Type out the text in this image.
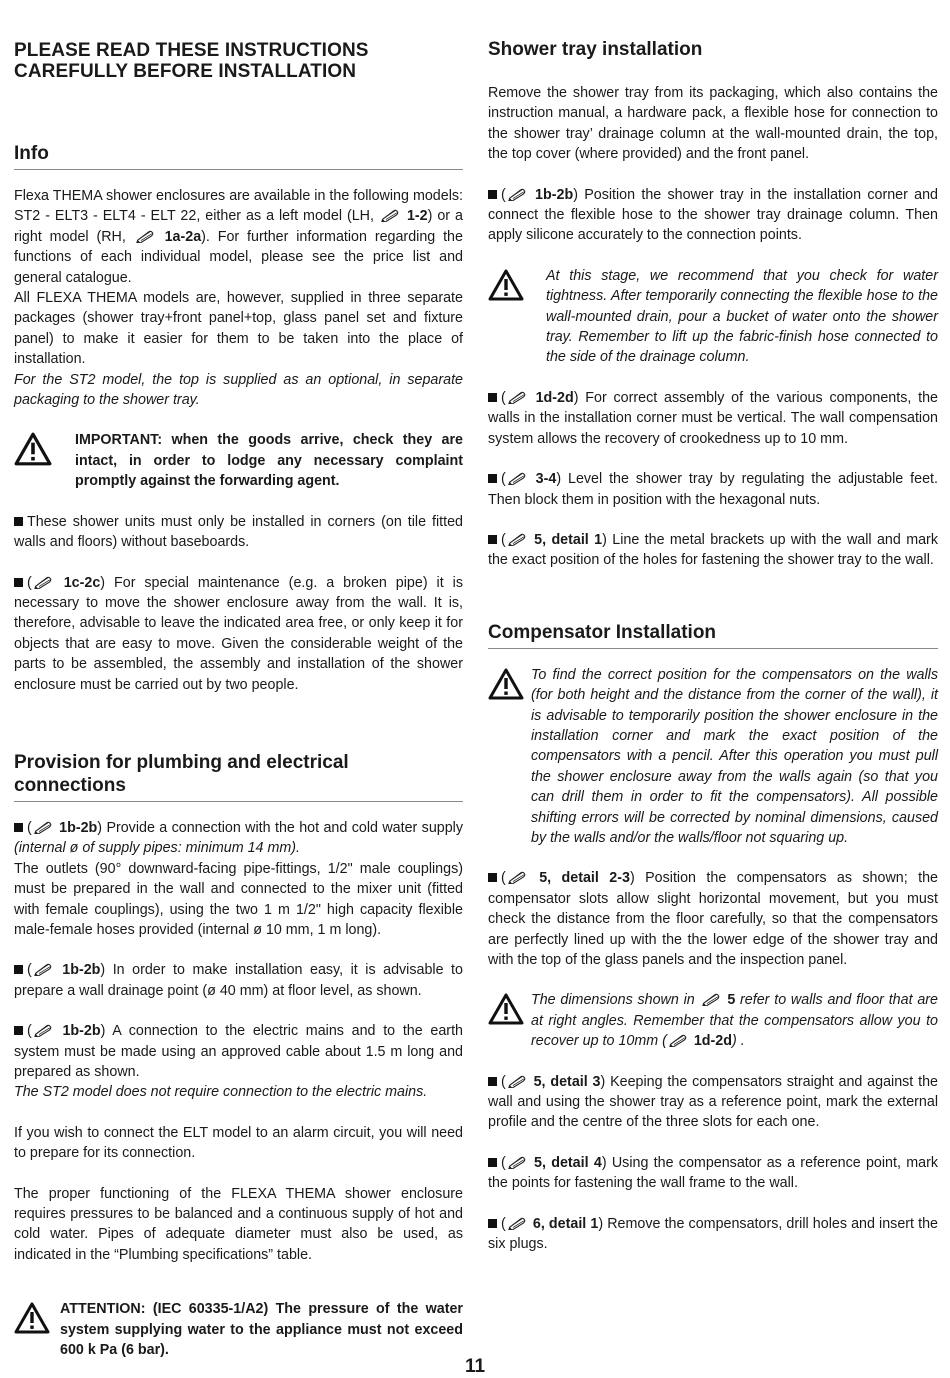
PLEASE READ THESE INSTRUCTIONS
CAREFULLY BEFORE INSTALLATION
Info

Flexa THEMA shower enclosures are available in the following models: ST2 - ELT3 - ELT4 - ELT 22, either as a left model (LH, 1-2) or a right model (RH,	1a-2a). For further information regarding the functions of each individual model, please see the price list and general catalogue.

All FLEXA THEMA models are, however, supplied in three separate packages (shower tray+front panel+top, glass panel set and fixture panel) to make it easier for them to be taken into the place of installation.

For the ST2 model, the top is supplied as an optional, in separate packaging to the shower tray.

IMPORTANT: when the goods arrive, check they are intact, in order to lodge any necessary complaint promptly against the forwarding agent.

These shower units must only be installed in corners (on tile fitted walls and floors) without baseboards.

( 1c-2c) For special maintenance (e.g. a broken pipe) it is necessary to move the shower enclosure away from the wall. It is, therefore, advisable to leave the indicated area free, or only keep it for objects that are easy to move. Given the considerable weight of the parts to be assembled, the assembly and installation of the shower enclosure must be carried out by two people.

Provision for plumbing and electrical connections

( 1b-2b) Provide a connection with the hot and cold water supply (internal ø of supply pipes: minimum 14 mm).

The outlets (90° downward-facing pipe-fittings, 1/2" male couplings) must be prepared in the wall and connected to the mixer unit (fitted with female couplings), using the two 1 m 1/2" high capacity flexible male-female hoses provided (internal ø 10 mm, 1 m long).

( 1b-2b) In order to make installation easy, it is advisable to prepare a wall drainage point (ø 40 mm) at floor level, as shown.

( 1b-2b) A connection to the electric mains and to the earth system must be made using an approved cable about 1.5 m long and prepared as shown.

The ST2 model does not require connection to the electric mains.

If you wish to connect the ELT model to an alarm circuit, you will need to prepare for its connection.

The proper functioning of the FLEXA THEMA shower enclosure requires pressures to be balanced and a continuous supply of hot and cold water. Pipes of adequate diameter must also be used, as indicated in the “Plumbing specifications” table.

ATTENTION: (IEC 60335-1/A2) The pressure of the water system supplying water to the appliance must not exceed 600 k Pa (6 bar).

Shower tray installation

Remove the shower tray from its packaging, which also contains the instruction manual, a hardware pack, a flexible hose for connection to the shower tray’ drainage column at the wall-mounted drain, the top, the top cover (where provided) and the front panel.

( 1b-2b) Position the shower tray in the installation corner and connect the flexible hose to the shower tray drainage column. Then apply silicone accurately to the connection points.

At this stage, we recommend that you check for water tightness. After temporarily connecting the flexible hose to the wall-mounted drain, pour a bucket of water onto the shower tray. Remember to lift up the fabric-finish hose connected to the side of the drainage column.

( 1d-2d) For correct assembly of the various components, the walls in the installation corner must be vertical. The wall compensation system allows the recovery of crookedness up to 10 mm.

( 3-4) Level the shower tray by regulating the adjustable feet. Then block them in position with the hexagonal nuts.

( 5, detail 1) Line the metal brackets up with the wall and mark the exact position of the holes for fastening the shower tray to the wall.

Compensator Installation

To find the correct position for the compensators on the walls (for both height and the distance from the corner of the wall), it is advisable to temporarily position the shower enclosure in the installation corner and mark the exact position of the compensators with a pencil. After this operation you must pull the shower enclosure away from the walls again (so that you can drill them in order to fit the compensators). All possible shifting errors will be corrected by nominal dimensions, caused by the walls and/or the walls/floor not squaring up.

( 5, detail 2-3) Position the compensators as shown; the compensator slots allow slight horizontal movement, but you must check the distance from the floor carefully, so that the compensators are perfectly lined up with the the lower edge of the shower tray and with the top of the glass panels and the inspection panel.

The dimensions shown in 5 refer to walls and floor that are at right angles. Remember that the compensators allow you to recover up to 10mm ( 1d-2d) .

( 5, detail 3) Keeping the compensators straight and against the wall and using the shower tray as a reference point, mark the external profile and the centre of the three slots for each one.

( 5, detail 4) Using the compensator as a reference point, mark the points for fastening the wall frame to the wall.

( 6, detail 1) Remove the compensators, drill holes and insert the six plugs.

11
